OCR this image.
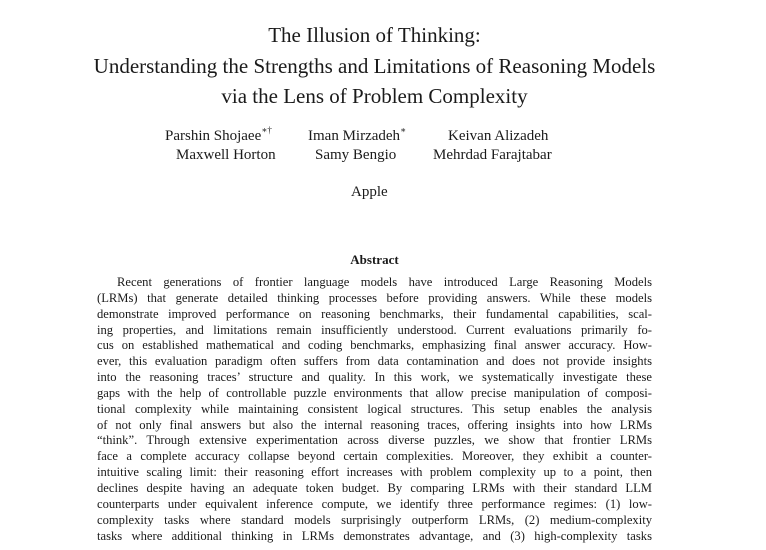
The Illusion of Thinking:
Understanding the Strengths and Limitations of Reasoning Models
via the Lens of Problem Complexity
Parshin Shojaee∗† Iman Mirzadeh∗	Keivan Alizadeh
Maxwell Horton	Samy Bengio Mehrdad Farajtabar
Apple
Abstract
Recent generations of frontier language models have introduced Large Reasoning Models
(LRMs) that generate detailed thinking processes before providing answers. While these models
demonstrate improved performance on reasoning benchmarks, their fundamental capabilities, scal-
ing properties, and limitations remain insufficiently understood. Current evaluations primarily fo-
cus on established mathematical and coding benchmarks, emphasizing final answer accuracy. How-
ever, this evaluation paradigm often suffers from data contamination and does not provide insights
into the reasoning traces’ structure and quality. In this work, we systematically investigate these
gaps with the help of controllable puzzle environments that allow precise manipulation of composi-
tional complexity while maintaining consistent logical structures. This setup enables the analysis
of not only final answers but also the internal reasoning traces, offering insights into how LRMs
“think”. Through extensive experimentation across diverse puzzles, we show that frontier LRMs
face a complete accuracy collapse beyond certain complexities. Moreover, they exhibit a counter-
intuitive scaling limit: their reasoning effort increases with problem complexity up to a point, then
declines despite having an adequate token budget. By comparing LRMs with their standard LLM
counterparts under equivalent inference compute, we identify three performance regimes: (1) low-
complexity tasks where standard models surprisingly outperform LRMs, (2) medium-complexity
tasks where additional thinking in LRMs demonstrates advantage, and (3) high-complexity tasks
